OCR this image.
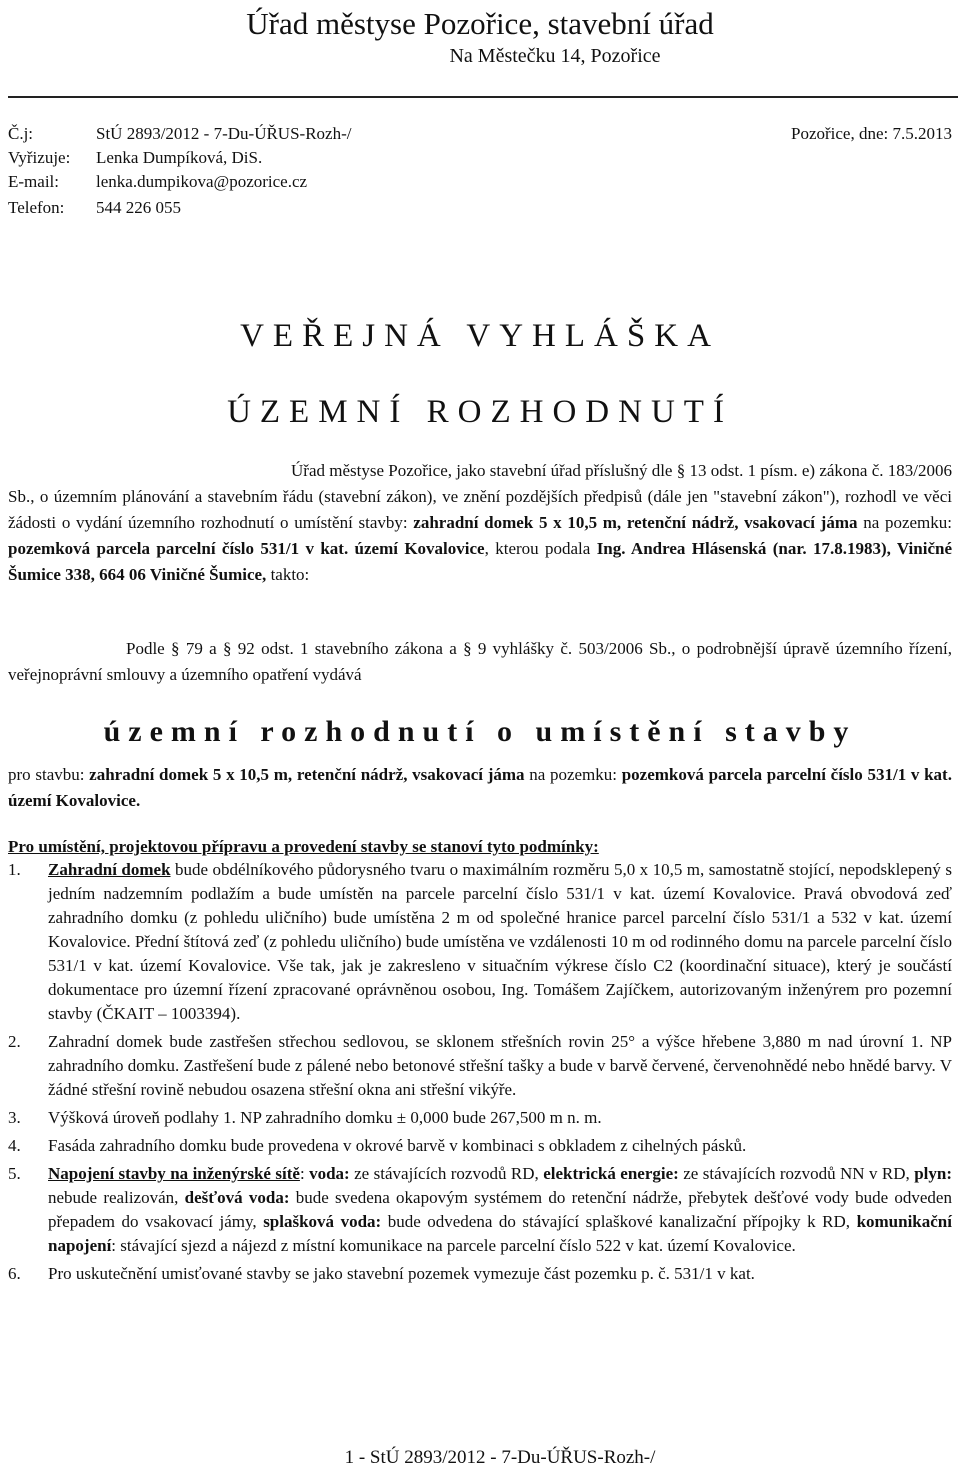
Úřad městyse Pozořice, stavební úřad
Na Městečku 14, Pozořice
Č.j:	StÚ 2893/2012 - 7-Du-ÚŘUS-Rozh-/	Pozořice, dne: 7.5.2013
Vyřizuje: Lenka Dumpíková, DiS.
E-mail: lenka.dumpikova@pozorice.cz
Telefon: 544 226 055
VEŘEJNÁ VYHLÁŠKA
ÚZEMNÍ ROZHODNUTÍ
Úřad městyse Pozořice, jako stavební úřad příslušný dle § 13 odst. 1 písm. e) zákona č. 183/2006
Sb., o územním plánování a stavebním řádu (stavební zákon), ve znění pozdějších předpisů (dále jen "stavební zákon"), rozhodl ve věci žádosti o vydání územního rozhodnutí o umístění stavby: zahradní domek 5 x 10,5 m, retenční nádrž, vsakovací jáma na pozemku: pozemková parcela parcelní číslo 531/1 v kat. území Kovalovice, kterou podala Ing. Andrea Hlásenská (nar. 17.8.1983), Viničné Šumice 338, 664 06 Viničné Šumice, takto:
Podle § 79 a § 92 odst. 1 stavebního zákona a § 9 vyhlášky č. 503/2006 Sb., o podrobnější úpravě územního řízení, veřejnoprávní smlouvy a územního opatření vydává
územní rozhodnutí o umístění stavby
pro stavbu: zahradní domek 5 x 10,5 m, retenční nádrž, vsakovací jáma na pozemku: pozemková parcela parcelní číslo 531/1 v kat. území Kovalovice.
Pro umístění, projektovou přípravu a provedení stavby se stanoví tyto podmínky:
1. Zahradní domek bude obdélníkového půdorysného tvaru o maximálním rozměru 5,0 x 10,5 m, samostatně stojící, nepodsklepený s jedním nadzemním podlažím a bude umístěn na parcele parcelní číslo 531/1 v kat. území Kovalovice. Pravá obvodová zeď zahradního domku (z pohledu uličního) bude umístěna 2 m od společné hranice parcel parcelní číslo 531/1 a 532 v kat. území Kovalovice. Přední štítová zeď (z pohledu uličního) bude umístěna ve vzdálenosti 10 m od rodinného domu na parcele parcelní číslo 531/1 v kat. území Kovalovice. Vše tak, jak je zakresleno v situačním výkrese číslo C2 (koordinační situace), který je součástí dokumentace pro územní řízení zpracované oprávněnou osobou, Ing. Tomášem Zajíčkem, autorizovaným inženýrem pro pozemní stavby (ČKAIT – 1003394).
2. Zahradní domek bude zastřešen střechou sedlovou, se sklonem střešních rovin 25° a výšce hřebene 3,880 m nad úrovní 1. NP zahradního domku. Zastřešení bude z pálené nebo betonové střešní tašky a bude v barvě červené, červenohnědé nebo hnědé barvy. V žádné střešní rovině nebudou osazena střešní okna ani střešní vikýře.
3. Výšková úroveň podlahy 1. NP zahradního domku ± 0,000 bude 267,500 m n. m.
4. Fasáda zahradního domku bude provedena v okrové barvě v kombinaci s obkladem z cihelných pásků.
5. Napojení stavby na inženýrské sítě: voda: ze stávajících rozvodů RD, elektrická energie: ze stávajících rozvodů NN v RD, plyn: nebude realizován, dešťová voda: bude svedena okapovým systémem do retenční nádrže, přebytek dešťové vody bude odveden přepadem do vsakovací jámy, splašková voda: bude odvedena do stávající splaškové kanalizační přípojky k RD, komunikační napojení: stávající sjezd a nájezd z místní komunikace na parcele parcelní číslo 522 v kat. území Kovalovice.
6. Pro uskutečnění umisťované stavby se jako stavební pozemek vymezuje část pozemku p. č. 531/1 v kat.
1 - StÚ 2893/2012 - 7-Du-ÚŘUS-Rozh-/
